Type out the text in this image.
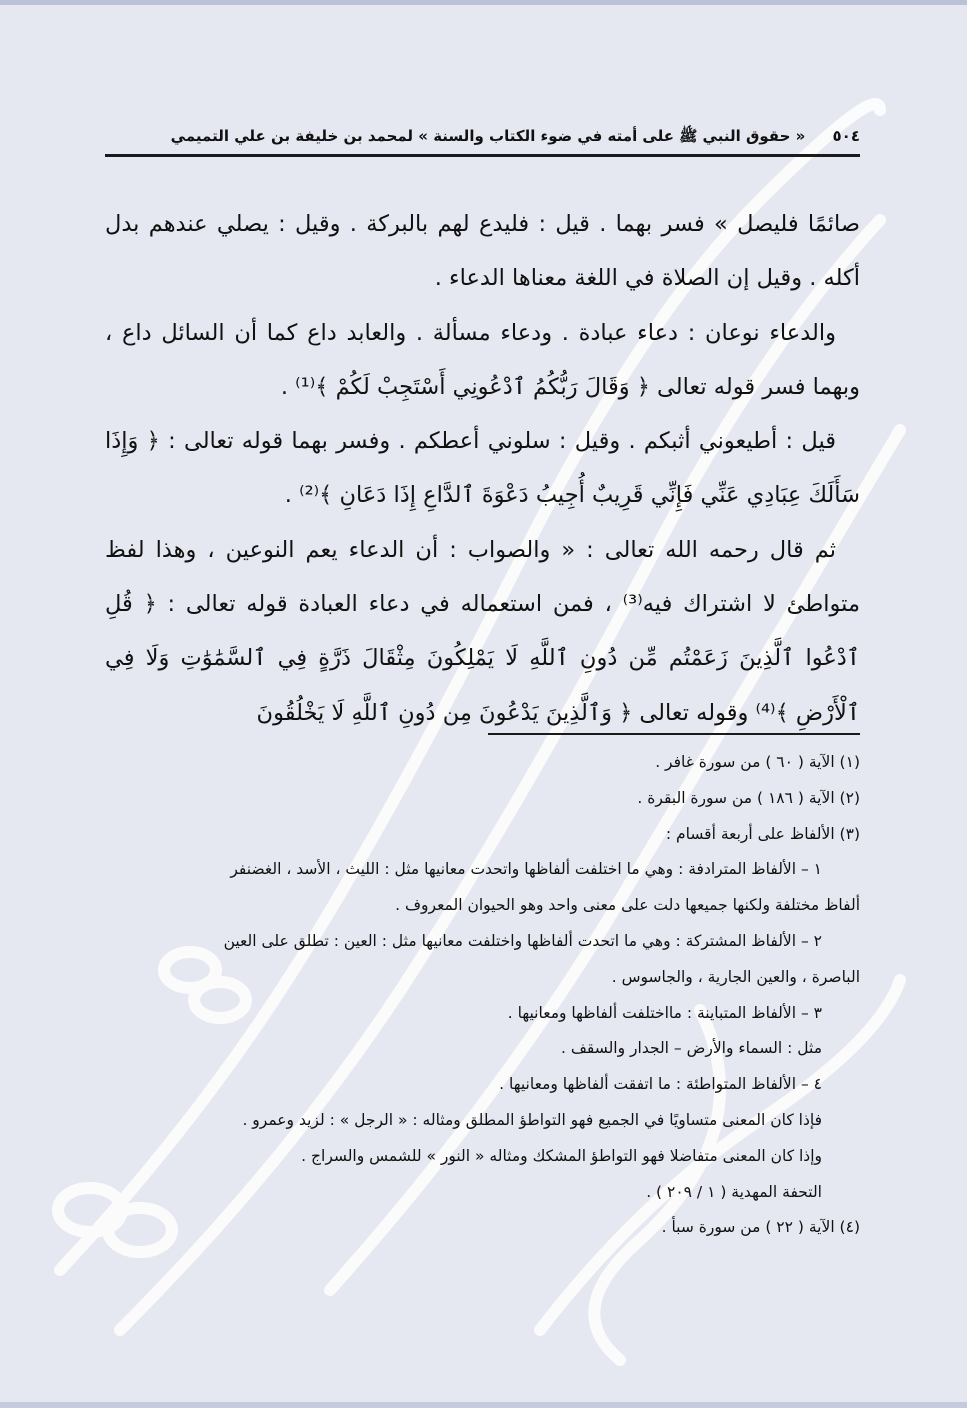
٥٠٤ « حقوق النبي ﷺ على أمته في ضوء الكتاب والسنة » لمحمد بن خليفة بن علي التميمي

صائمًا فليصل » فسر بهما . قيل : فليدع لهم بالبركة . وقيل : يصلي عندهم بدل أكله . وقيل إن الصلاة في اللغة معناها الدعاء .

والدعاء نوعان : دعاء عبادة . ودعاء مسألة . والعابد داع كما أن السائل داع ، وبهما فسر قوله تعالى ﴿ وَقَالَ رَبُّكُمُ ٱدْعُونِي أَسْتَجِبْ لَكُمْ ﴾⁽¹⁾ .

قيل : أطيعوني أثبكم . وقيل : سلوني أعطكم . وفسر بهما قوله تعالى : ﴿ وَإِذَا سَأَلَكَ عِبَادِي عَنِّي فَإِنِّي قَرِيبٌ أُجِيبُ دَعْوَةَ ٱلدَّاعِ إِذَا دَعَانِ ﴾⁽²⁾ .

ثم قال رحمه الله تعالى : « والصواب : أن الدعاء يعم النوعين ، وهذا لفظ متواطئ لا اشتراك فيه⁽³⁾ ، فمن استعماله في دعاء العبادة قوله تعالى : ﴿ قُلِ ٱدْعُوا ٱلَّذِينَ زَعَمْتُم مِّن دُونِ ٱللَّهِ لَا يَمْلِكُونَ مِثْقَالَ ذَرَّةٍ فِي ٱلسَّمَٰوَٰتِ وَلَا فِي ٱلْأَرْضِ ﴾⁽⁴⁾ وقوله تعالى ﴿ وَٱلَّذِينَ يَدْعُونَ مِن دُونِ ٱللَّهِ لَا يَخْلُقُونَ

(١) الآية ( ٦٠ ) من سورة غافر .
(٢) الآية ( ١٨٦ ) من سورة البقرة .
(٣) الألفاظ على أربعة أقسام :
١ – الألفاظ المترادفة : وهي ما اختلفت ألفاظها واتحدت معانيها مثل : الليث ، الأسد ، الغضنفر
ألفاظ مختلفة ولكنها جميعها دلت على معنى واحد وهو الحيوان المعروف .
٢ – الألفاظ المشتركة : وهي ما اتحدت ألفاظها واختلفت معانيها مثل : العين : تطلق على العين
الباصرة ، والعين الجارية ، والجاسوس .
٣ – الألفاظ المتباينة : مااختلفت ألفاظها ومعانيها .
مثل : السماء والأرض – الجدار والسقف .
٤ – الألفاظ المتواطئة : ما اتفقت ألفاظها ومعانيها .
فإذا كان المعنى متساويًا في الجميع فهو التواطؤ المطلق ومثاله : « الرجل » : لزيد وعمرو .
وإذا كان المعنى متفاضلا فهو التواطؤ المشكك ومثاله « النور » للشمس والسراج .
التحفة المهدية ( ١ / ٢٠٩ ) .
(٤) الآية ( ٢٢ ) من سورة سبأ .
